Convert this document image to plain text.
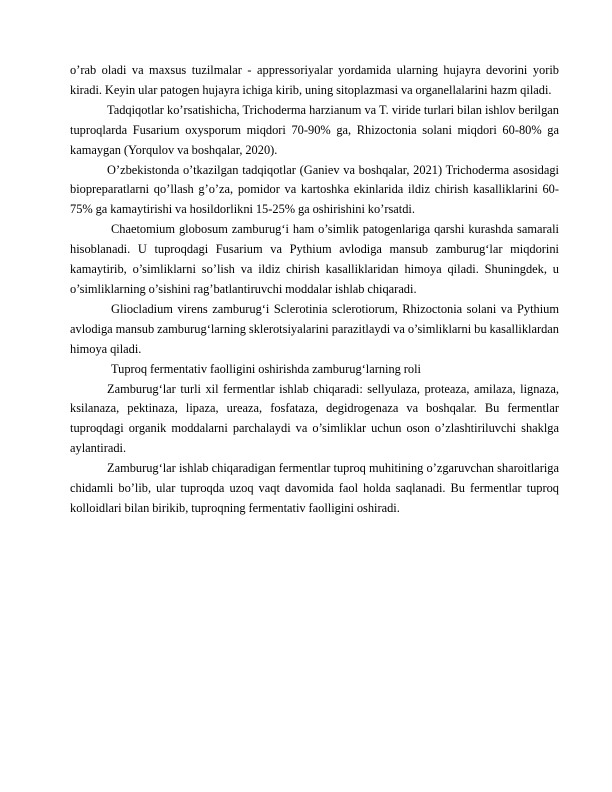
o’rab oladi va maxsus tuzilmalar - appressoriyalar yordamida ularning hujayra devorini yorib kiradi. Keyin ular patogen hujayra ichiga kirib, uning sitoplazmasi va organellalarini hazm qiladi.

Tadqiqotlar ko’rsatishicha, Trichoderma harzianum va T. viride turlari bilan ishlov berilgan tuproqlarda Fusarium oxysporum miqdori 70-90% ga, Rhizoctonia solani miqdori 60-80% ga kamaygan (Yorqulov va boshqalar, 2020).

O’zbekistonda o’tkazilgan tadqiqotlar (Ganiev va boshqalar, 2021) Trichoderma asosidagi biopreparatlarni qo’llash g’o’za, pomidor va kartoshka ekinlarida ildiz chirish kasalliklarini 60-75% ga kamaytirishi va hosildorlikni 15-25% ga oshirishini ko’rsatdi.

Chaetomium globosum zamburug‘i ham o’simlik patogenlariga qarshi kurashda samarali hisoblanadi. U tuproqdagi Fusarium va Pythium avlodiga mansub zamburug‘lar miqdorini kamaytirib, o’simliklarni so’lish va ildiz chirish kasalliklaridan himoya qiladi. Shuningdek, u o’simliklarning o’sishini rag’batlantiruvchi moddalar ishlab chiqaradi.

Gliocladium virens zamburug‘i Sclerotinia sclerotiorum, Rhizoctonia solani va Pythium avlodiga mansub zamburug‘larning sklerotsiyalarini parazitlaydi va o’simliklarni bu kasalliklardan himoya qiladi.

Tuproq fermentativ faolligini oshirishda zamburug‘larning roli

Zamburug‘lar turli xil fermentlar ishlab chiqaradi: sellyulaza, proteaza, amilaza, lignaza, ksilanaza, pektinaza, lipaza, ureaza, fosfataza, degidrogenaza va boshqalar. Bu fermentlar tuproqdagi organik moddalarni parchalaydi va o’simliklar uchun oson o’zlashtiriluvchi shaklga aylantiradi.

Zamburug‘lar ishlab chiqaradigan fermentlar tuproq muhitining o’zgaruvchan sharoitlariga chidamli bo’lib, ular tuproqda uzoq vaqt davomida faol holda saqlanadi. Bu fermentlar tuproq kolloidlari bilan birikib, tuproqning fermentativ faolligini oshiradi.
